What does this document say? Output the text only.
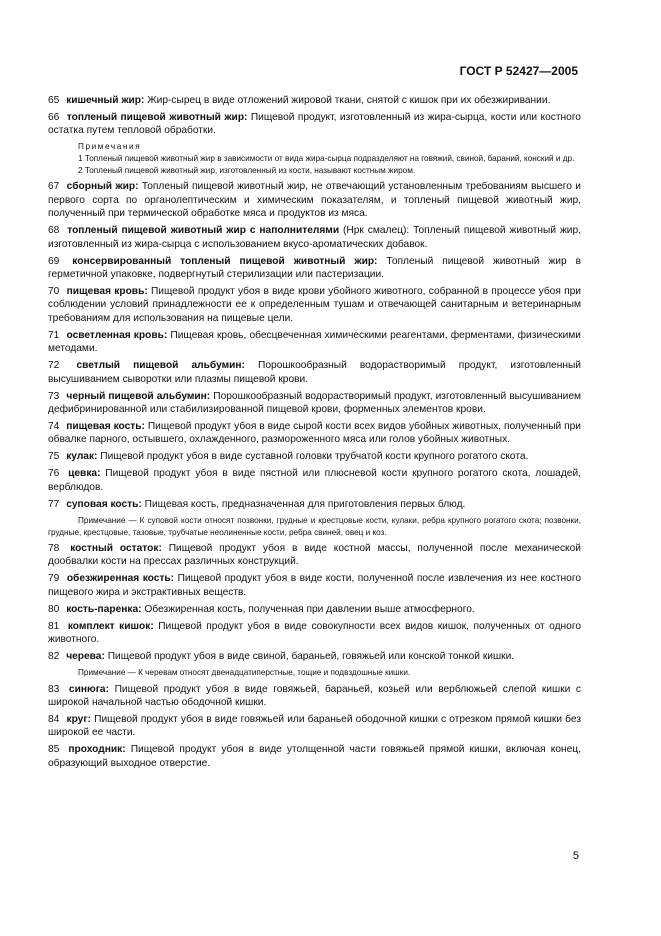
ГОСТ Р 52427—2005

65 кишечный жир: Жир-сырец в виде отложений жировой ткани, снятой с кишок при их обезжиривании.

66 топленый пищевой животный жир: Пищевой продукт, изготовленный из жира-сырца, кости или костного остатка путем тепловой обработки.

Примечания
1 Топленый пищевой животный жир в зависимости от вида жира-сырца подразделяют на говяжий, свиной, бараний, конский и др.
2 Топленый пищевой животный жир, изготовленный из кости, называют костным жиром.

67 сборный жир: Топленый пищевой животный жир, не отвечающий установленным требованиям высшего и первого сорта по органолептическим и химическим показателям, и топленый пищевой животный жир, полученный при термической обработке мяса и продуктов из мяса.

68 топленый пищевой животный жир с наполнителями (Нрк смалец): Топленый пищевой животный жир, изготовленный из жира-сырца с использованием вкусо-ароматических добавок.

69 консервированный топленый пищевой животный жир: Топленый пищевой животный жир в герметичной упаковке, подвергнутый стерилизации или пастеризации.

70 пищевая кровь: Пищевой продукт убоя в виде крови убойного животного, собранной в процессе убоя при соблюдении условий принадлежности ее к определенным тушам и отвечающей санитарным и ветеринарным требованиям для использования на пищевые цели.

71 осветленная кровь: Пищевая кровь, обесцвеченная химическими реагентами, ферментами, физическими методами.

72 светлый пищевой альбумин: Порошкообразный водорастворимый продукт, изготовленный высушиванием сыворотки или плазмы пищевой крови.

73 черный пищевой альбумин: Порошкообразный водорастворимый продукт, изготовленный высушиванием дефибринированной или стабилизированной пищевой крови, форменных элементов крови.

74 пищевая кость: Пищевой продукт убоя в виде сырой кости всех видов убойных животных, полученный при обвалке парного, остывшего, охлажденного, размороженного мяса или голов убойных животных.

75 кулак: Пищевой продукт убоя в виде суставной головки трубчатой кости крупного рогатого скота.

76 цевка: Пищевой продукт убоя в виде пястной или плюсневой кости крупного рогатого скота, лошадей, верблюдов.

77 суповая кость: Пищевая кость, предназначенная для приготовления первых блюд.

Примечание — К суповой кости относят позвонки, грудные и крестцовые кости, кулаки, ребра крупного рогатого скота; позвонки, грудные, крестцовые, тазовые, трубчатые неолиненные кости, ребра свиней, овец и коз.

78 костный остаток: Пищевой продукт убоя в виде костной массы, полученной после механической дообвалки кости на прессах различных конструкций.

79 обезжиренная кость: Пищевой продукт убоя в виде кости, полученной после извлечения из нее костного пищевого жира и экстрактивных веществ.

80 кость-паренка: Обезжиренная кость, полученная при давлении выше атмосферного.

81 комплект кишок: Пищевой продукт убоя в виде совокупности всех видов кишок, полученных от одного животного.

82 черева: Пищевой продукт убоя в виде свиной, бараньей, говяжьей или конской тонкой кишки.

Примечание — К черевам относят двенадцатиперстные, тощие и подвздошные кишки.

83 синюга: Пищевой продукт убоя в виде говяжьей, бараньей, козьей или верблюжьей слепой кишки с широкой начальной частью ободочной кишки.

84 круг: Пищевой продукт убоя в виде говяжьей или бараньей ободочной кишки с отрезком прямой кишки без широкой ее части.

85 проходник: Пищевой продукт убоя в виде утолщенной части говяжьей прямой кишки, включая конец, образующий выходное отверстие.

5
